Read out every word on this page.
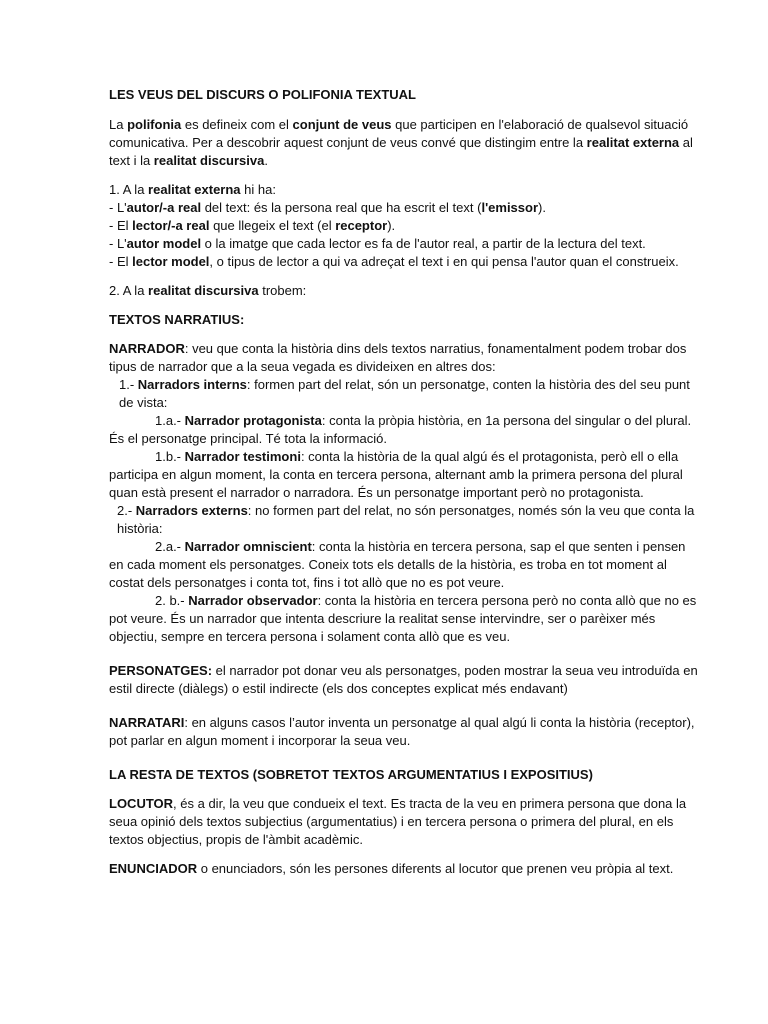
LES VEUS DEL DISCURS O POLIFONIA TEXTUAL

La polifonia es defineix com el conjunt de veus que participen en l'elaboració de qualsevol situació comunicativa. Per a descobrir aquest conjunt de veus convé que distingim entre la realitat externa al text i la realitat discursiva.

1. A la realitat externa hi ha:
- L'autor/-a real del text: és la persona real que ha escrit el text (l'emissor).
- El lector/-a real que llegeix el text (el receptor).
- L'autor model o la imatge que cada lector es fa de l'autor real, a partir de la lectura del text.
- El lector model, o tipus de lector a qui va adreçat el text i en qui pensa l'autor quan el construeix.

2. A la realitat discursiva trobem:

TEXTOS NARRATIUS:

NARRADOR: veu que conta la història dins dels textos narratius, fonamentalment podem trobar dos tipus de narrador que a la seua vegada es divideixen en altres dos:
1.- Narradors interns: formen part del relat, són un personatge, conten la història des del seu punt de vista:
1.a.- Narrador protagonista: conta la pròpia història, en 1a persona del singular o del plural. És el personatge principal. Té tota la informació.
1.b.- Narrador testimoni: conta la història de la qual algú és el protagonista, però ell o ella participa en algun moment, la conta en tercera persona, alternant amb la primera persona del plural quan està present el narrador o narradora. És un personatge important però no protagonista.
2.- Narradors externs: no formen part del relat, no són personatges, només són la veu que conta la història:
2.a.- Narrador omniscient: conta la història en tercera persona, sap el que senten i pensen en cada moment els personatges. Coneix tots els detalls de la història, es troba en tot moment al costat dels personatges i conta tot, fins i tot allò que no es pot veure.
2. b.- Narrador observador: conta la història en tercera persona però no conta allò que no es pot veure. És un narrador que intenta descriure la realitat sense intervindre, ser o parèixer més objectiu, sempre en tercera persona i solament conta allò que es veu.

PERSONATGES: el narrador pot donar veu als personatges, poden mostrar la seua veu introduïda en estil directe (diàlegs) o estil indirecte (els dos conceptes explicat més endavant)

NARRATARI: en alguns casos l’autor inventa un personatge al qual algú li conta la història (receptor), pot parlar en algun moment i incorporar la seua veu.

LA RESTA DE TEXTOS (SOBRETOT TEXTOS ARGUMENTATIUS I EXPOSITIUS)

LOCUTOR, és a dir, la veu que condueix el text. Es tracta de la veu en primera persona que dona la seua opinió dels textos subjectius (argumentatius) i en tercera persona o primera del plural, en els textos objectius, propis de l'àmbit acadèmic.

ENUNCIADOR o enunciadors, són les persones diferents al locutor que prenen veu pròpia al text.
